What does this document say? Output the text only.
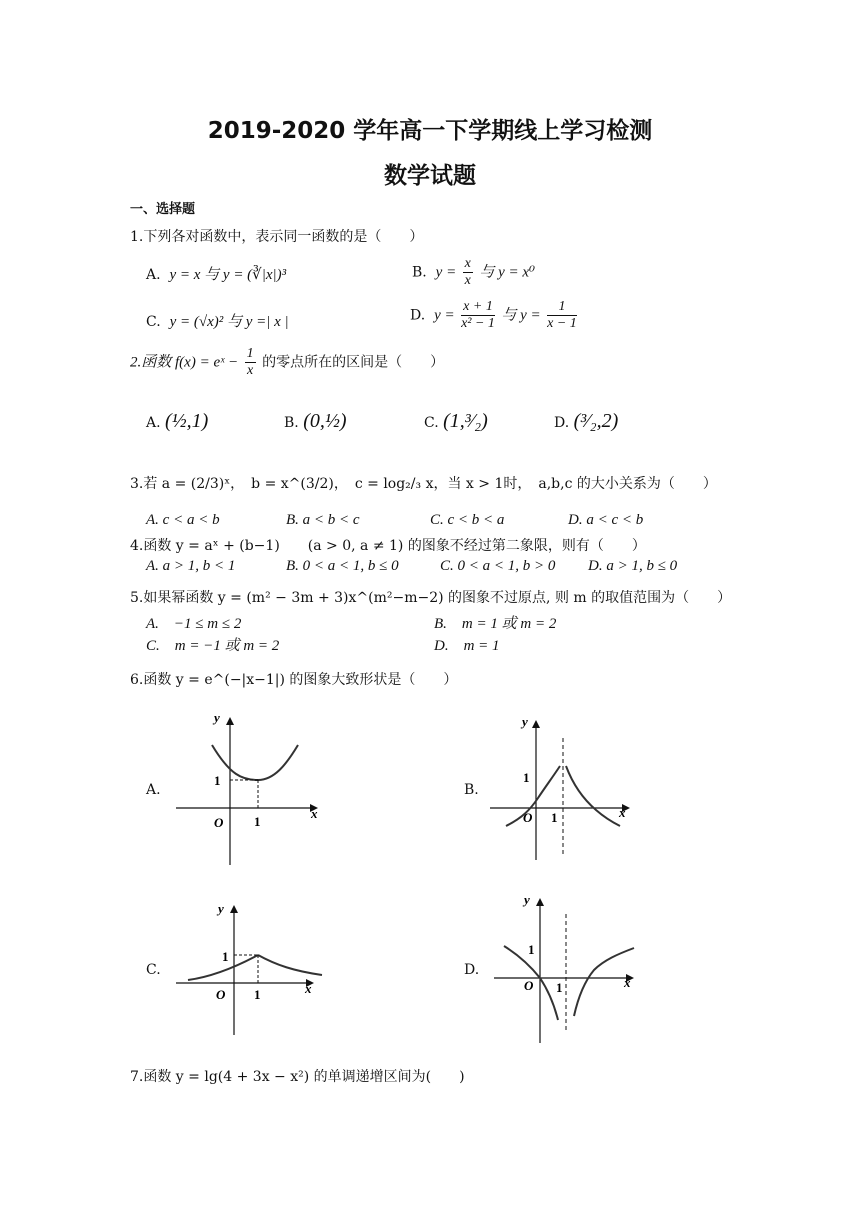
2019-2020 学年高一下学期线上学习检测
数学试题
一、选择题
1.下列各对函数中，表示同一函数的是（　　）
A. y = x 与 y = (∛|x|)³	B. $y = \frac{x}{x}$ 与 y = x⁰
C. y = (√x)² 与 y =| x |	D. $y = \frac{x + 1}{\text{x² − 1}}$ 与 $y = \frac{1}{x - 1}$
2.函数 f(x) = eˣ − $\frac{1}{x}$ 的零点所在的区间是（　　）
A. (½,1)	B. (0,½)	C. (1,³⁄₂)	D. (³⁄₂,2)
3.若 a = (2/3)ˣ，　b = x^(3/2)，　c = log₂/₃ x，当 x > 1时，　a,b,c 的大小关系为（　　）
A. c < a < b	B. a < b < c	C. c < b < a	D. a < c < b
4.函数 y = aˣ + (b−1)　　(a > 0, a ≠ 1) 的图象不经过第二象限，则有（　　）
A. a > 1, b < 1	B. 0 < a < 1, b ≤ 0	C. 0 < a < 1, b > 0 D. a > 1, b ≤ 0
5.如果幂函数 y = (m² − 3m + 3)x^(m²−m−2) 的图象不过原点, 则 m 的取值范围为（　　）
A.　−1 ≤ m ≤ 2	B.　m = 1 或 m = 2
C.　m = −1 或 m = 2	D.　m = 1
6.函数 y = e^(−|x−1|) 的图象大致形状是（　　）
A.	B.
C.	D.
y
x
1
1
O
y
x
1
1
O
y
x
1
1
O
y
x
1
1
O
7.函数 y = lg(4 + 3x − x²) 的单调递增区间为(　　)
